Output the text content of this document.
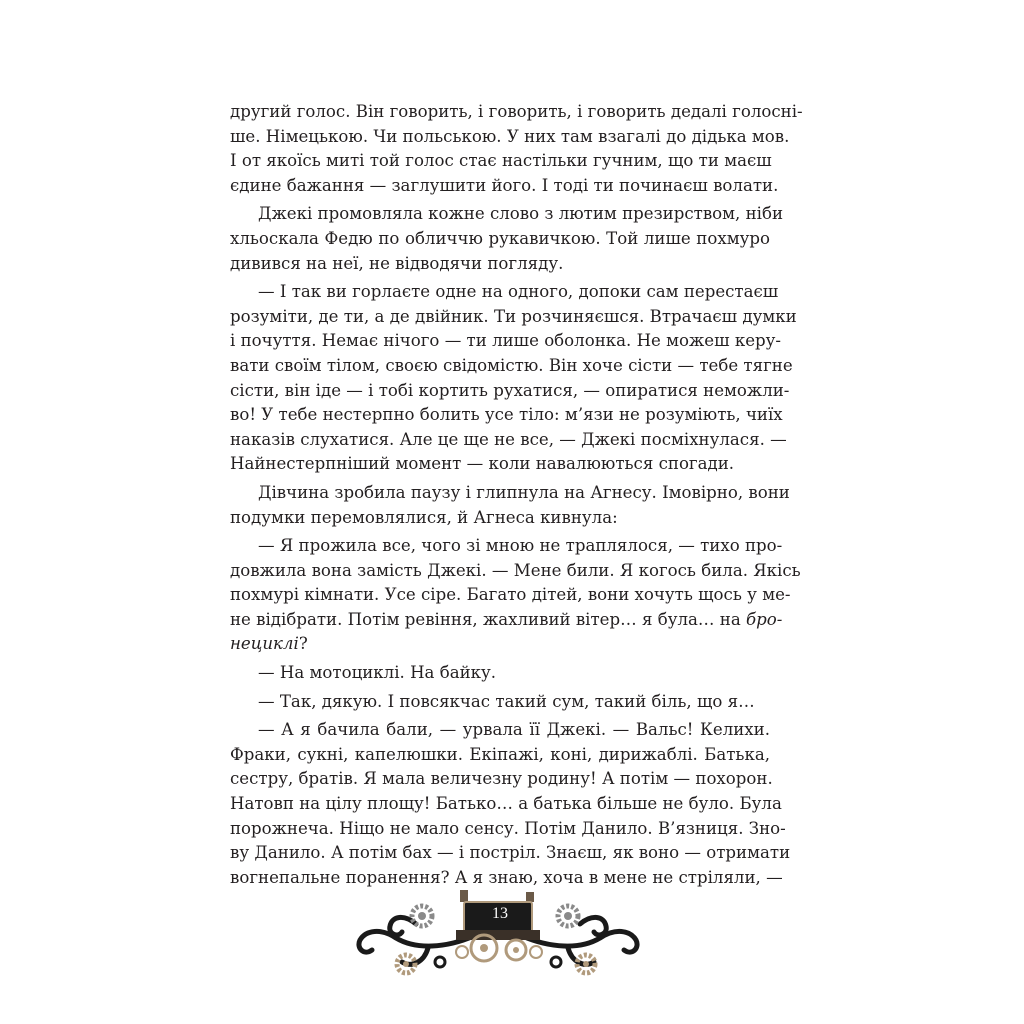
другий голос. Він говорить, і говорить, і говорить дедалі голосні-
ше. Німецькою. Чи польською. У них там взагалі до дідька мов.
І от якоїсь миті той голос стає настільки гучним, що ти маєш
єдине бажання — заглушити його. І тоді ти починаєш волати.

Джекі промовляла кожне слово з лютим презирством, ніби
хльоскала Федю по обличчю рукавичкою. Той лише похмуро
дивився на неї, не відводячи погляду.

— І так ви горлаєте одне на одного, допоки сам перестаєш
розуміти, де ти, а де двійник. Ти розчиняєшся. Втрачаєш думки
і почуття. Немає нічого — ти лише оболонка. Не можеш керу-
вати своїм тілом, своєю свідомістю. Він хоче сісти — тебе тягне
сісти, він іде — і тобі кортить рухатися, — опиратися неможли-
во! У тебе нестерпно болить усе тіло: м’язи не розуміють, чиїх
наказів слухатися. Але це ще не все, — Джекі посміхнулася. —
Найнестерпніший момент — коли навалюються спогади.

Дівчина зробила паузу і глипнула на Агнесу. Імовірно, вони
подумки перемовлялися, й Агнеса кивнула:

— Я прожила все, чого зі мною не траплялося, — тихо про-
довжила вона замість Джекі. — Мене били. Я когось била. Якісь
похмурі кімнати. Усе сіре. Багато дітей, вони хочуть щось у ме-
не відібрати. Потім ревіння, жахливий вітер… я була… на бро-
нециклі?

— На мотоциклі. На байку.

— Так, дякую. І повсякчас такий сум, такий біль, що я…

— А я бачила бали, — урвала її Джекі. — Вальс! Келихи.
Фраки, сукні, капелюшки. Екіпажі, коні, дирижаблі. Батька,
сестру, братів. Я мала величезну родину! А потім — похорон.
Натовп на цілу площу! Батько… а батька більше не було. Була
порожнеча. Ніщо не мало сенсу. Потім Данило. В’язниця. Зно-
ву Данило. А потім бах — і постріл. Знаєш, як воно — отримати
вогнепальне поранення? А я знаю, хоча в мене не стріляли, —

13
